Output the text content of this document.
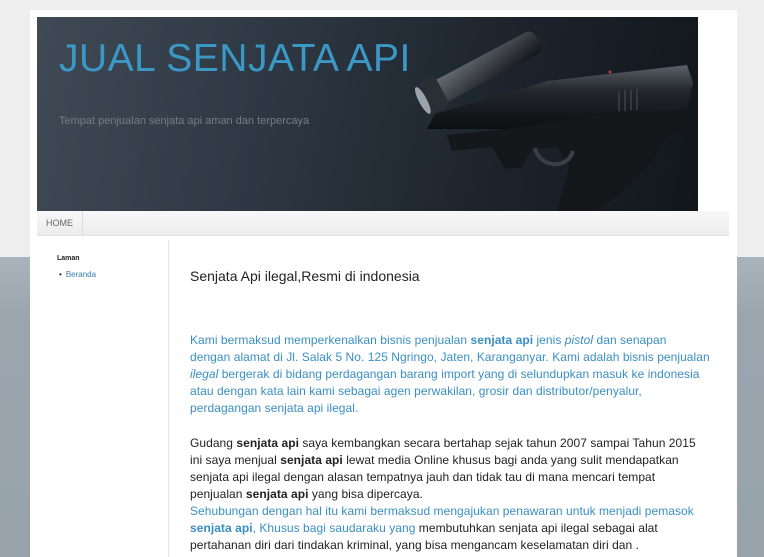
JUAL SENJATA API
Tempat penjualan senjata api aman dan terpercaya
HOME
Laman
• Beranda	Senjata Api ilegal,Resmi di indonesia

Kami bermaksud memperkenalkan bisnis penjualan senjata api jenis pistol dan senapan dengan alamat di Jl. Salak 5 No. 125 Ngringo, Jaten, Karanganyar. Kami adalah bisnis penjualan ilegal bergerak di bidang perdagangan barang import yang di selundupkan masuk ke indonesia atau dengan kata lain kami sebagai agen perwakilan, grosir dan distributor/penyalur, perdagangan senjata api ilegal.

Gudang senjata api saya kembangkan secara bertahap sejak tahun 2007 sampai Tahun 2015 ini saya menjual senjata api lewat media Online khusus bagi anda yang sulit mendapatkan senjata api ilegal dengan alasan tempatnya jauh dan tidak tau di mana mencari tempat penjualan senjata api yang bisa dipercaya.
Sehubungan dengan hal itu kami bermaksud mengajukan penawaran untuk menjadi pemasok senjata api, Khusus bagi saudaraku yang membutuhkan senjata api ilegal sebagai alat pertahanan diri dari tindakan kriminal, yang bisa mengancam keselamatan diri dan .
